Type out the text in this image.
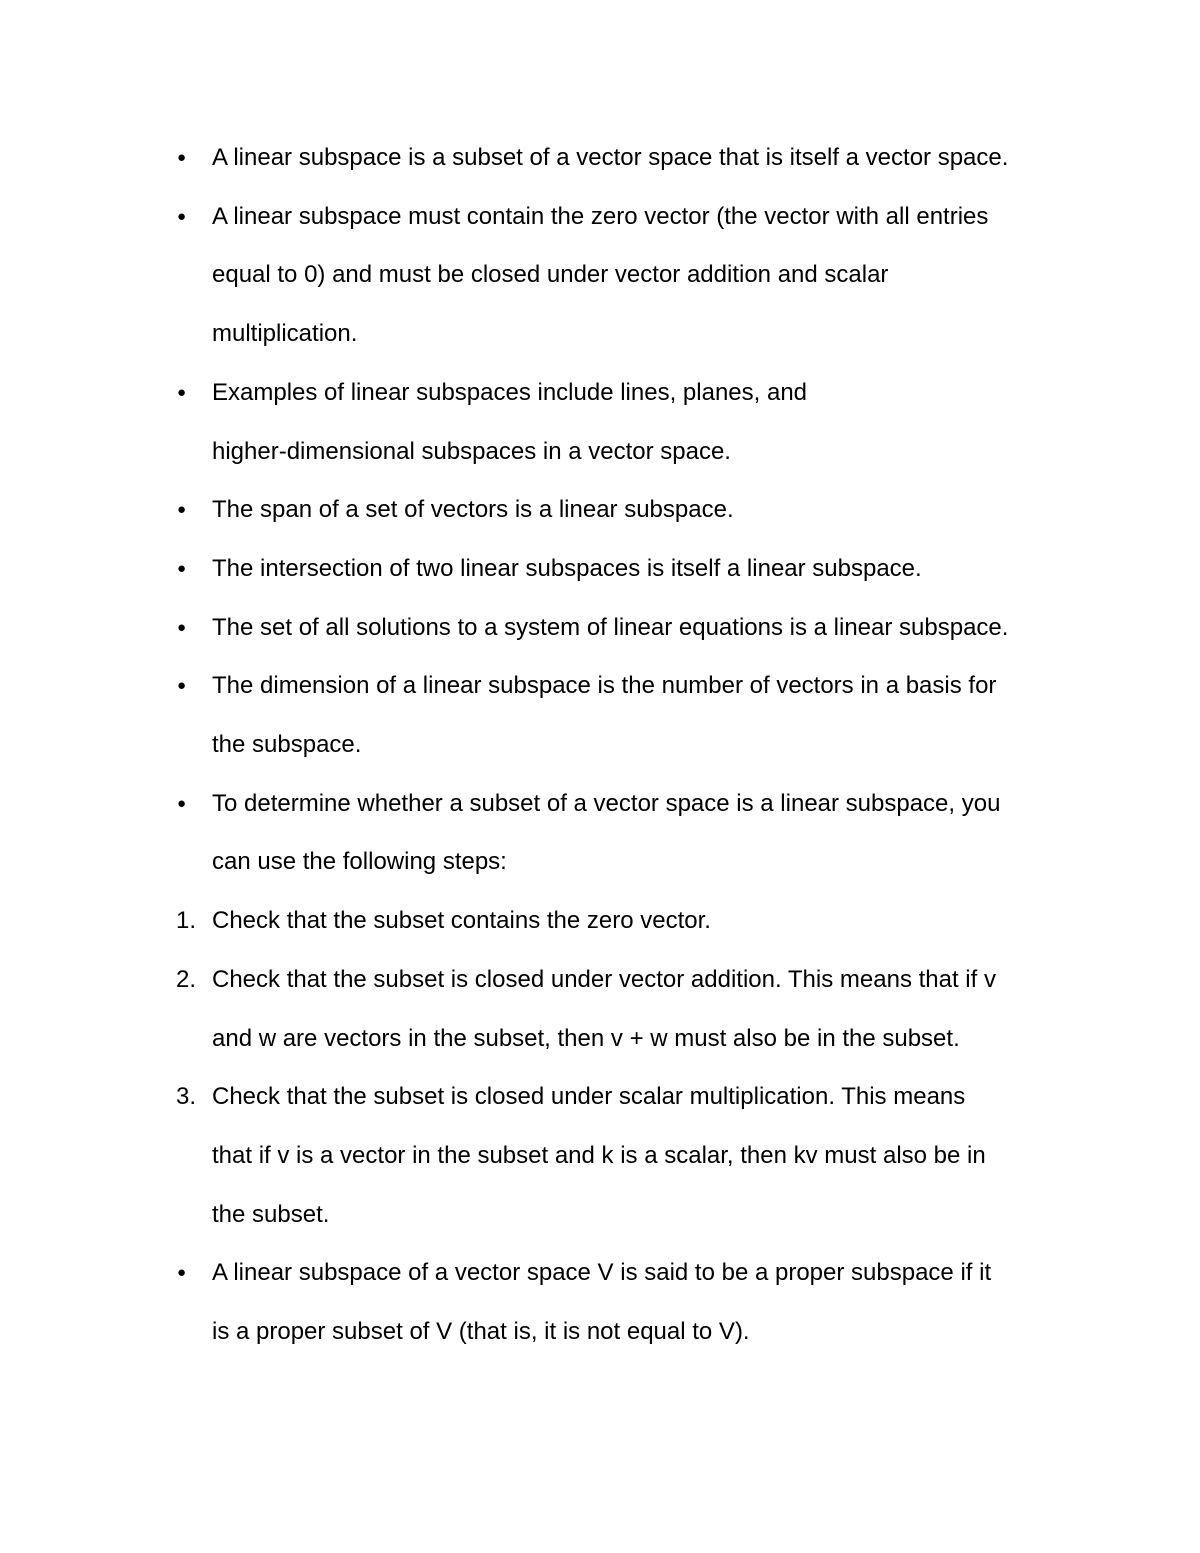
● A linear subspace is a subset of a vector space that is itself a vector space.
● A linear subspace must contain the zero vector (the vector with all entries
equal to 0) and must be closed under vector addition and scalar
multiplication.
● Examples of linear subspaces include lines, planes, and
higher-dimensional subspaces in a vector space.
● The span of a set of vectors is a linear subspace.
● The intersection of two linear subspaces is itself a linear subspace.
● The set of all solutions to a system of linear equations is a linear subspace.
● The dimension of a linear subspace is the number of vectors in a basis for
the subspace.
● To determine whether a subset of a vector space is a linear subspace, you
can use the following steps:
1. Check that the subset contains the zero vector.
2. Check that the subset is closed under vector addition. This means that if v
and w are vectors in the subset, then v + w must also be in the subset.
3. Check that the subset is closed under scalar multiplication. This means
that if v is a vector in the subset and k is a scalar, then kv must also be in
the subset.
● A linear subspace of a vector space V is said to be a proper subspace if it
is a proper subset of V (that is, it is not equal to V).
